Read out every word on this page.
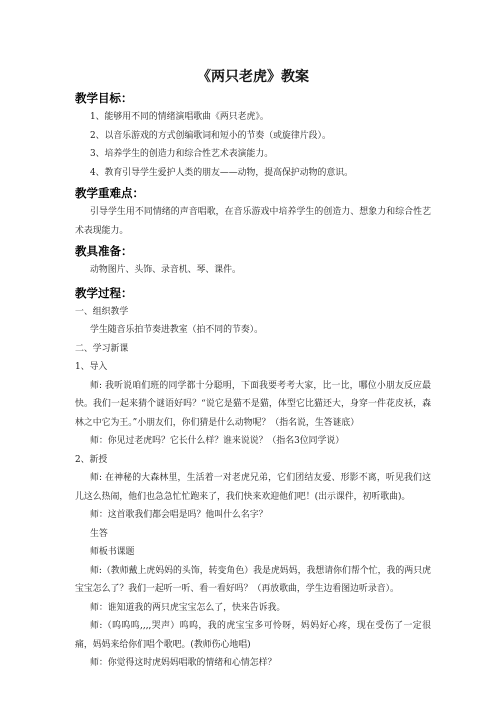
《两只老虎》教案
教学目标：

1、能够用不同的情绪演唱歌曲《两只老虎》。

2、以音乐游戏的方式创编歌词和短小的节奏（或旋律片段）。

3、培养学生的创造力和综合性艺术表演能力。

4、教育引导学生爱护人类的朋友——动物，提高保护动物的意识。

教学重难点：

引导学生用不同情绪的声音唱歌，在音乐游戏中培养学生的创造力、想象力和综合性艺术表现能力。

教具准备：

动物图片、头饰、录音机、琴、课件。

教学过程：

一、组织教学

学生随音乐拍节奏进教室（拍不同的节奏）。

二、学习新课

1、导入

师: 我听说咱们班的同学都十分聪明，下面我要考考大家，比一比，哪位小朋友反应最快。我们一起来猜个谜语好吗？“说它是猫不是猫，体型它比猫还大，身穿一件花皮袄，森林之中它为王。”小朋友们，你们猜是什么动物呢？（指名说，生答谜底）

师：你见过老虎吗？它长什么样？谁来说说？（指名3位同学说）

2、新授

师: 在神秘的大森林里，生活着一对老虎兄弟，它们团结友爱、形影不离，听见我们这儿这么热闹，他们也急急忙忙跑来了，我们快来欢迎他们吧！(出示课件，初听歌曲)。

师：这首歌我们都会唱是吗？他叫什么名字？

生答

师板书课题

师:（教师戴上虎妈妈的头饰，转变角色）我是虎妈妈，我想请你们帮个忙，我的两只虎宝宝怎么了？我们一起听一听、看一看好吗？（再放歌曲，学生边看图边听录音）。

师：谁知道我的两只虎宝宝怎么了，快来告诉我。

师:（呜呜呜,,,,哭声）呜呜，我的虎宝宝多可怜呀，妈妈好心疼，现在受伤了一定很痛，妈妈来给你们唱个歌吧。(教师伤心地唱)

师：你觉得这时虎妈妈唱歌的情绪和心情怎样？
